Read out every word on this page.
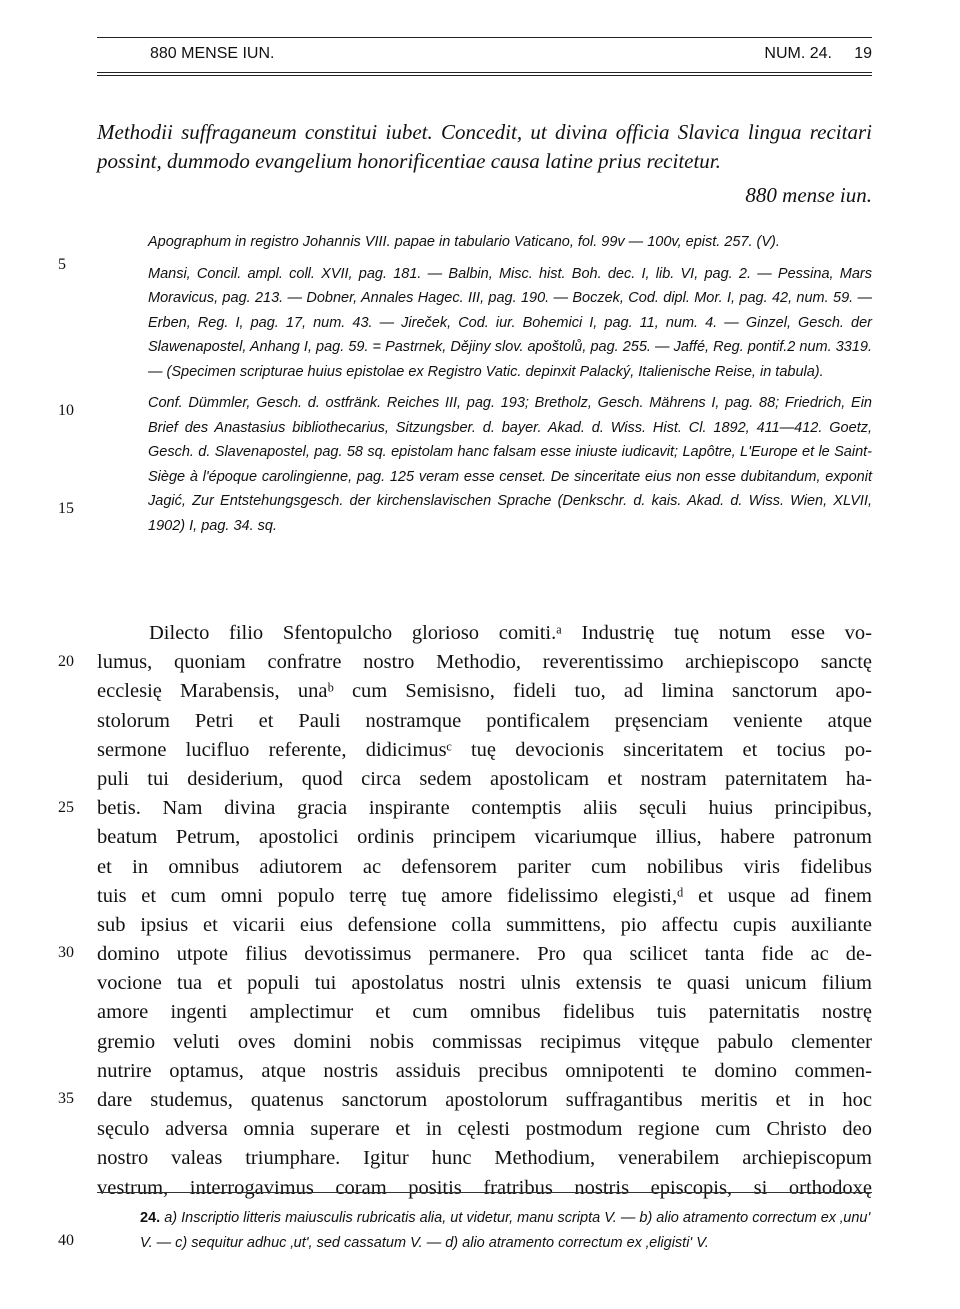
880 MENSE IUN.	NUM. 24. 19

Methodii suffraganeum constitui iubet. Concedit, ut divina officia Slavica lingua recitari possint, dummodo evangelium honorificentiae causa latine prius recitetur.

880 mense iun.

Apographum in registro Johannis VIII. papae in tabulario Vaticano, fol. 99v — 100v, epist. 257. (V).

Mansi, Concil. ampl. coll. XVII, pag. 181. — Balbin, Misc. hist. Boh. dec. I, lib. VI, pag. 2. — Pessina, Mars Moravicus, pag. 213. — Dobner, Annales Hagec. III, pag. 190. — Boczek, Cod. dipl. Mor. I, pag. 42, num. 59. — Erben, Reg. I, pag. 17, num. 43. — Jireček, Cod. iur. Bohemici I, pag. 11, num. 4. — Ginzel, Gesch. der Slawenapostel, Anhang I, pag. 59. = Pastrnek, Dějiny slov. apoštolů, pag. 255. — Jaffé, Reg. pontif.2 num. 3319. — (Specimen scripturae huius epistolae ex Registro Vatic. depinxit Palacký, Italienische Reise, in tabula).

Conf. Dümmler, Gesch. d. ostfränk. Reiches III, pag. 193; Bretholz, Gesch. Mährens I, pag. 88; Friedrich, Ein Brief des Anastasius bibliothecarius, Sitzungsber. d. bayer. Akad. d. Wiss. Hist. Cl. 1892, 411—412. Goetz, Gesch. d. Slavenapostel, pag. 58 sq. epistolam hanc falsam esse iniuste iudicavit; Lapôtre, L'Europe et le Saint-Siège à l'époque carolingienne, pag. 125 veram esse censet. De sinceritate eius non esse dubitandum, exponit Jagić, Zur Entstehungsgesch. der kirchenslavischen Sprache (Denkschr. d. kais. Akad. d. Wiss. Wien, XLVII, 1902) I, pag. 34. sq.

Dilecto filio Sfentopulcho glorioso comiti.ᵃ Industrię tuę notum esse vo-
lumus, quoniam confratre nostro Methodio, reverentissimo archiepiscopo sanctę
ecclesię Marabensis, unaᵇ cum Semisisno, fideli tuo, ad limina sanctorum apo-
stolorum Petri et Pauli nostramque pontificalem pręsenciam veniente atque
sermone lucifluo referente, didicimusᶜ tuę devocionis sinceritatem et tocius po-
puli tui desiderium, quod circa sedem apostolicam et nostram paternitatem ha-
betis. Nam divina gracia inspirante contemptis aliis sęculi huius principibus,
beatum Petrum, apostolici ordinis principem vicariumque illius, habere patronum
et in omnibus adiutorem ac defensorem pariter cum nobilibus viris fidelibus
tuis et cum omni populo terrę tuę amore fidelissimo elegisti,ᵈ et usque ad finem
sub ipsius et vicarii eius defensione colla summittens, pio affectu cupis auxiliante
domino utpote filius devotissimus permanere. Pro qua scilicet tanta fide ac de-
vocione tua et populi tui apostolatus nostri ulnis extensis te quasi unicum filium
amore ingenti amplectimur et cum omnibus fidelibus tuis paternitatis nostrę
gremio veluti oves domini nobis commissas recipimus vitęque pabulo clementer
nutrire optamus, atque nostris assiduis precibus omnipotenti te domino commen-
dare studemus, quatenus sanctorum apostolorum suffragantibus meritis et in hoc
sęculo adversa omnia superare et in cęlesti postmodum regione cum Christo deo
nostro valeas triumphare. Igitur hunc Methodium, venerabilem archiepiscopum
vestrum, interrogavimus coram positis fratribus nostris episcopis, si orthodoxę
24. a) Inscriptio litteris maiusculis rubricatis alia, ut videtur, manu scripta V. — b) alio atramento correctum ex ‚unu' V. — c) sequitur adhuc ‚ut', sed cassatum V. — d) alio atramento correctum ex ‚eligisti' V.
5
10
15
20
25
30
35
40
